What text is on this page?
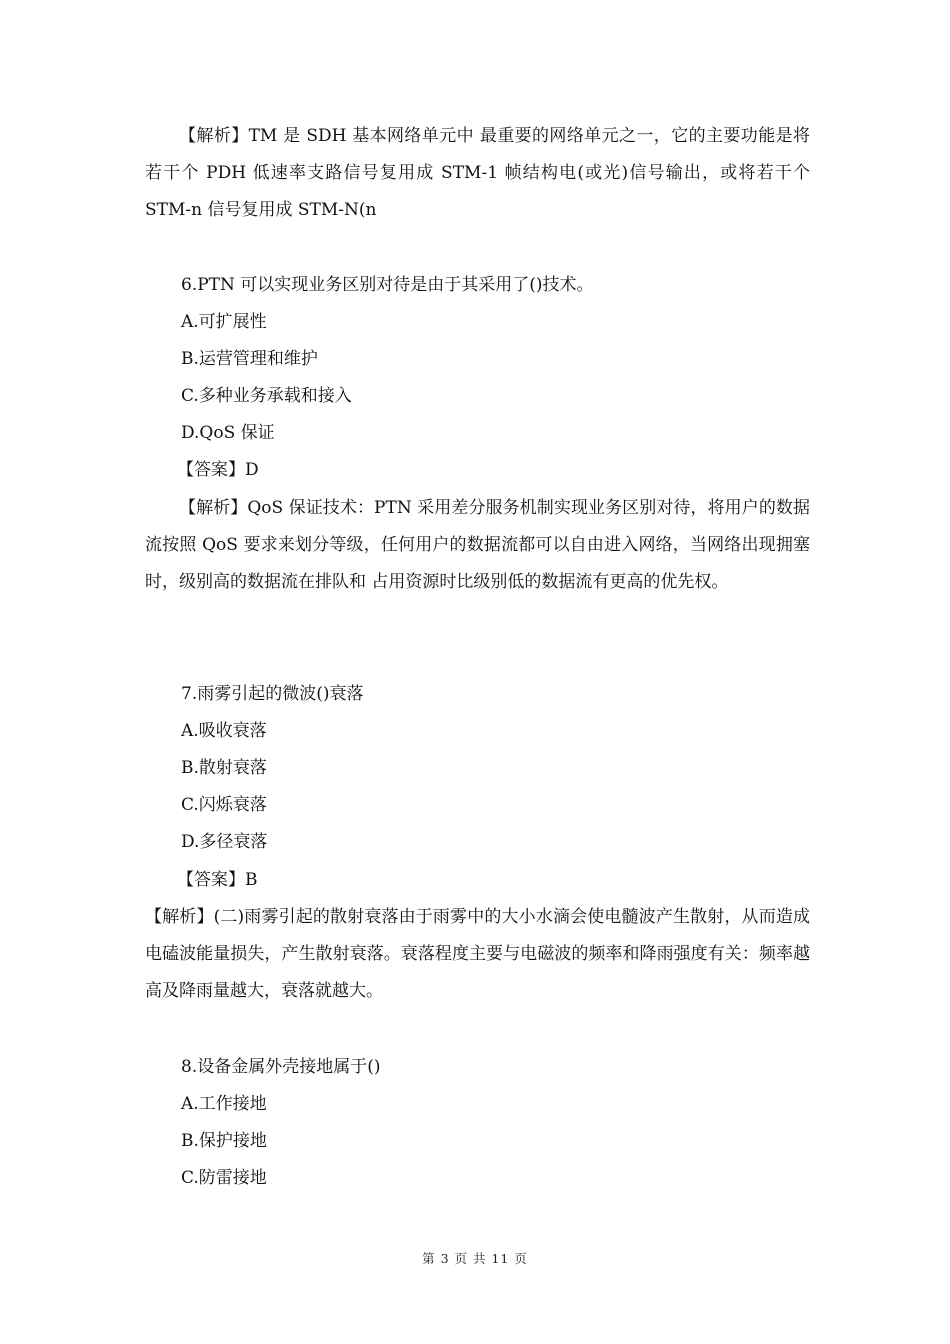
【解析】TM 是 SDH 基本网络单元中 最重要的网络单元之一，它的主要功能是将若干个 PDH 低速率支路信号复用成 STM-1 帧结构电(或光)信号输出，或将若干个 STM-n 信号复用成 STM-N(n

6.PTN 可以实现业务区别对待是由于其采用了()技术。

A.可扩展性

B.运营管理和维护

C.多种业务承载和接入

D.QoS 保证

【答案】D

【解析】QoS 保证技术：PTN 采用差分服务机制实现业务区别对待，将用户的数据流按照 QoS 要求来划分等级，任何用户的数据流都可以自由进入网络，当网络出现拥塞时，级别高的数据流在排队和 占用资源时比级别低的数据流有更高的优先权。

7.雨雾引起的微波()衰落

A.吸收衰落

B.散射衰落

C.闪烁衰落

D.多径衰落

【答案】B

【解析】(二)雨雾引起的散射衰落由于雨雾中的大小水滴会使电髓波产生散射，从而造成电磕波能量损失，产生散射衰落。衰落程度主要与电磁波的频率和降雨强度有关：频率越高及降雨量越大，衰落就越大。

8.设备金属外壳接地属于()

A.工作接地

B.保护接地

C.防雷接地

第 3 页 共 11 页
